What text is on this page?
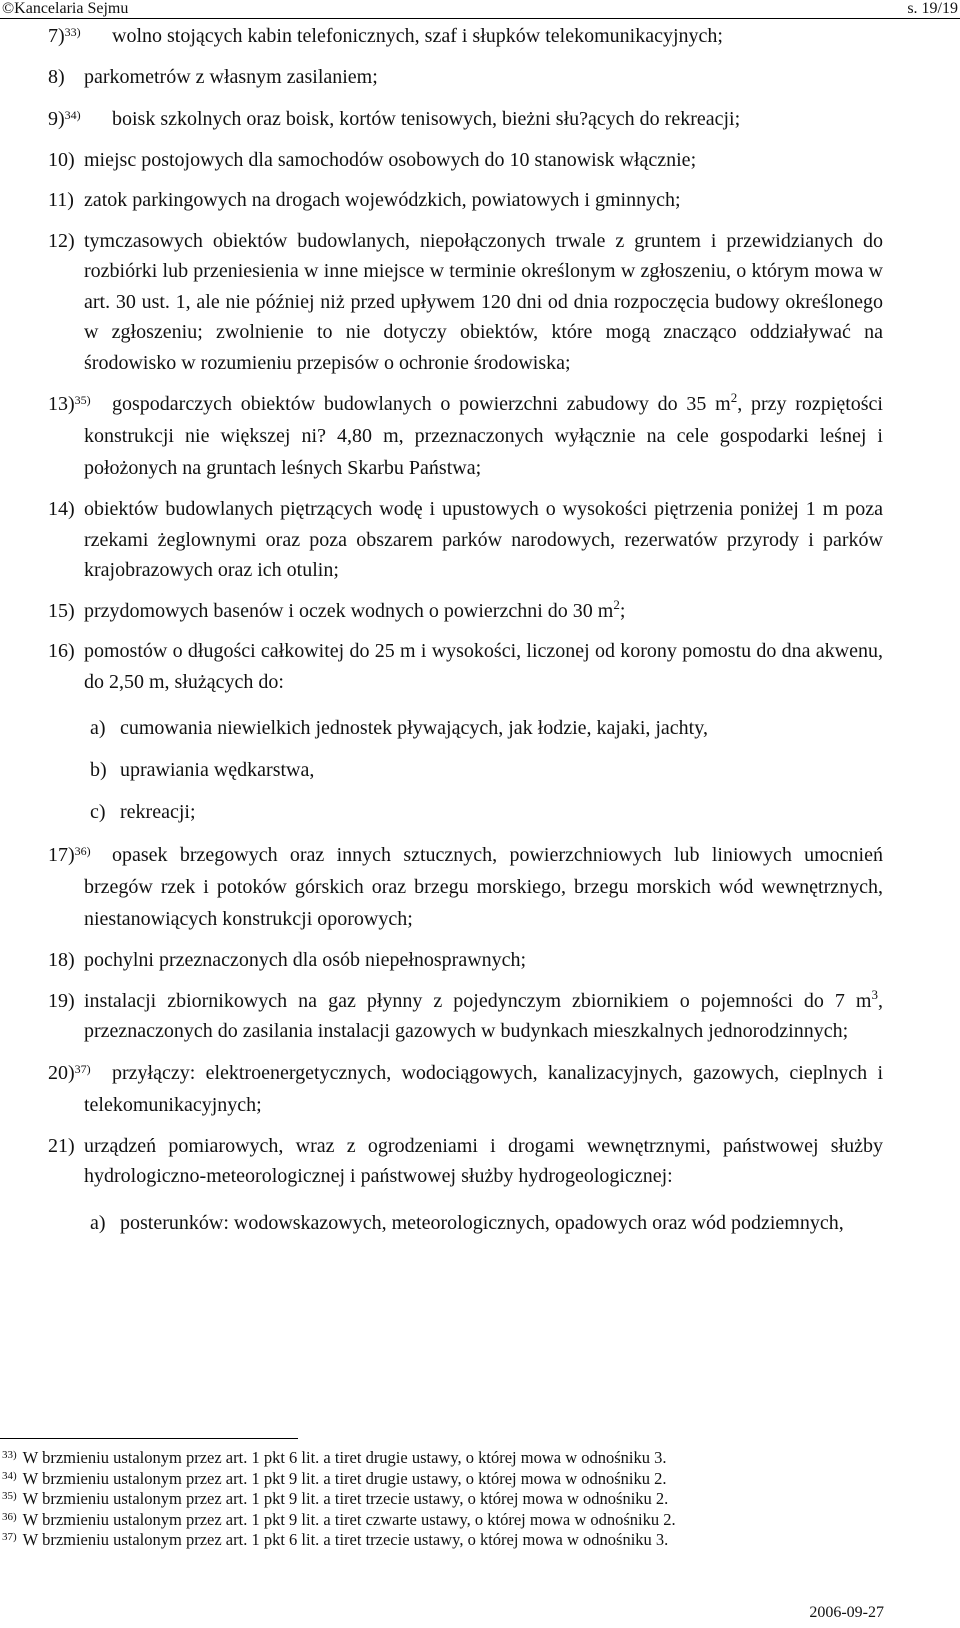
©Kancelaria Sejmu	s. 19/19
7)$^{33)}$ wolno stojących kabin telefonicznych, szaf i słupków telekomunikacyjnych;
8) parkometrów z własnym zasilaniem;
9)$^{34)}$ boisk szkolnych oraz boisk, kortów tenisowych, bieżni słu?ących do rekreacji;
10) miejsc postojowych dla samochodów osobowych do 10 stanowisk włącznie;
11) zatok parkingowych na drogach wojewódzkich, powiatowych i gminnych;
12) tymczasowych obiektów budowlanych, niepołączonych trwale z gruntem i przewidzianych do rozbiórki lub przeniesienia w inne miejsce w terminie określonym w zgłoszeniu, o którym mowa w art. 30 ust. 1, ale nie później niż przed upływem 120 dni od dnia rozpoczęcia budowy określonego w zgłoszeniu; zwolnienie to nie dotyczy obiektów, które mogą znacząco oddziaływać na środowisko w rozumieniu przepisów o ochronie środowiska;
13)$^{35)}$ gospodarczych obiektów budowlanych o powierzchni zabudowy do 35 $m^2$, przy rozpiętości konstrukcji nie większej ni? 4,80 m, przeznaczonych wyłącznie na cele gospodarki leśnej i położonych na gruntach leśnych Skarbu Państwa;
14) obiektów budowlanych piętrzących wodę i upustowych o wysokości piętrzenia poniżej 1 m poza rzekami żeglownymi oraz poza obszarem parków narodowych, rezerwatów przyrody i parków krajobrazowych oraz ich otulin;
15) przydomowych basenów i oczek wodnych o powierzchni do 30 $m^2$;
16) pomostów o długości całkowitej do 25 m i wysokości, liczonej od korony pomostu do dna akwenu, do 2,50 m, służących do:
a) cumowania niewielkich jednostek pływających, jak łodzie, kajaki, jachty,
b) uprawiania wędkarstwa,
c) rekreacji;
17)$^{36)}$ opasek brzegowych oraz innych sztucznych, powierzchniowych lub liniowych umocnień brzegów rzek i potoków górskich oraz brzegu morskiego, brzegu morskich wód wewnętrznych, niestanowiących konstrukcji oporowych;
18) pochylni przeznaczonych dla osób niepełnosprawnych;
19) instalacji zbiornikowych na gaz płynny z pojedynczym zbiornikiem o pojemności do 7 $m^3$, przeznaczonych do zasilania instalacji gazowych w budynkach mieszkalnych jednorodzinnych;
20)$^{37)}$ przyłączy: elektroenergetycznych, wodociągowych, kanalizacyjnych, gazowych, cieplnych i telekomunikacyjnych;
21) urządzeń pomiarowych, wraz z ogrodzeniami i drogami wewnętrznymi, państwowej służby hydrologiczno-meteorologicznej i państwowej służby hydrogeologicznej:
a) posterunków: wodowskazowych, meteorologicznych, opadowych oraz wód podziemnych,
$^{33)}$ W brzmieniu ustalonym przez art. 1 pkt 6 lit. a tiret drugie ustawy, o której mowa w odnośniku 3.
$^{34)}$ W brzmieniu ustalonym przez art. 1 pkt 9 lit. a tiret drugie ustawy, o której mowa w odnośniku 2.
$^{35)}$ W brzmieniu ustalonym przez art. 1 pkt 9 lit. a tiret trzecie ustawy, o której mowa w odnośniku 2.
$^{36)}$ W brzmieniu ustalonym przez art. 1 pkt 9 lit. a tiret czwarte ustawy, o której mowa w odnośniku 2.
$^{37)}$ W brzmieniu ustalonym przez art. 1 pkt 6 lit. a tiret trzecie ustawy, o której mowa w odnośniku 3.
2006-09-27
